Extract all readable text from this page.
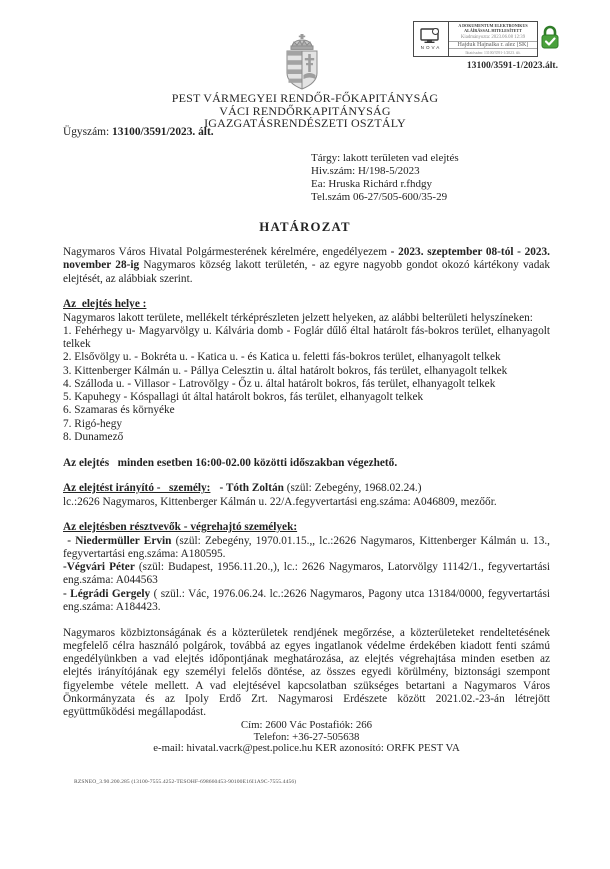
NOVA
A DOKUMENTUM ELEKTRONIKUS ALÁÍRÁSSAL HITELESÍTETT
Kiadmányozta: 2023.06.08 12:39
Hajduk Hajnalka r. alez [SK]
Iktatószám: 13100/3591-1/2023. ált.
13100/3591-1/2023.ált.
PEST VÁRMEGYEI RENDŐR-FŐKAPITÁNYSÁG
VÁCI RENDŐRKAPITÁNYSÁG
IGAZGATÁSRENDÉSZETI OSZTÁLY
Ügyszám: 13100/3591/2023. ált.
Tárgy: lakott területen vad elejtés
Hiv.szám: H/198-5/2023
Ea: Hruska Richárd r.fhdgy
Tel.szám 06-27/505-600/35-29
HATÁROZAT
Nagymaros Város Hivatal Polgármesterének kérelmére, engedélyezem - 2023. szeptember 08-tól - 2023. november 28-ig Nagymaros község lakott területén, - az egyre nagyobb gondot okozó kártékony vadak elejtését, az alábbiak szerint.
Az  elejtés helye :
Nagymaros lakott területe, mellékelt térképrészleten jelzett helyeken, az alábbi belterületi helyszíneken:
1. Fehérhegy u- Magyarvölgy u. Kálvária domb - Foglár dűlő éltal határolt fás-bokros terület, elhanyagolt telkek
2. Elsővölgy u. - Bokréta u. - Katica u. - és Katica u. feletti fás-bokros terület, elhanyagolt telkek
3. Kittenberger Kálmán u. - Pállya Celesztin u. által határolt bokros, fás terület, elhanyagolt telkek
4. Szálloda u. - Villasor - Latrovölgy - Őz u. által határolt bokros, fás terület, elhanyagolt telkek
5. Kapuhegy - Kóspallagi út által határolt bokros, fás terület, elhanyagolt telkek
6. Szamaras és környéke
7. Rigó-hegy
8. Dunamező
Az elejtés   minden esetben 16:00-02.00 közötti időszakban végezhető.
Az elejtést irányító -   személy: - Tóth Zoltán (szül: Zebegény, 1968.02.24.)
lc.:2626 Nagymaros, Kittenberger Kálmán u. 22/A.fegyvertartási eng.száma: A046809, mezőőr.
Az elejtésben résztvevők - végrehajtó személyek:
- Niedermüller Ervin (szül: Zebegény, 1970.01.15.,, lc.:2626 Nagymaros, Kittenberger Kálmán u. 13., fegyvertartási eng.száma: A180595.
-Végvári Péter (szül: Budapest, 1956.11.20.,), lc.: 2626 Nagymaros, Latorvölgy 11142/1., fegyvertartási eng.száma: A044563
- Légrádi Gergely ( szül.: Vác, 1976.06.24. lc.:2626 Nagymaros, Pagony utca 13184/0000, fegyvertartási eng.száma: A184423.
Nagymaros közbiztonságának és a közterületek rendjének megőrzése, a közterületeket rendeltetésének megfelelő célra használó polgárok, továbbá az egyes ingatlanok védelme érdekében kiadott fenti számú engedélyünkben a vad elejtés időpontjának meghatározása, az elejtés végrehajtása minden esetben az elejtés irányítójának egy személyi felelős döntése, az összes egyedi körülmény, biztonsági szempont figyelembe vétele mellett. A vad elejtésével kapcsolatban szükséges betartani a Nagymaros Város Önkormányzata és az Ipoly Erdő Zrt. Nagymarosi Erdészete között 2021.02.-23-án létrejött együttműködési megállapodást.
Cím: 2600 Vác Postafiók: 266
Telefon: +36-27-505638
e-mail: hivatal.vacrk@pest.police.hu KER azonosító: ORFK PEST VA
RZSNEO_3.90.200.285 (13100-7555.4252-TESOHF-698660453-90100E16I1A9C-7555.4456)
